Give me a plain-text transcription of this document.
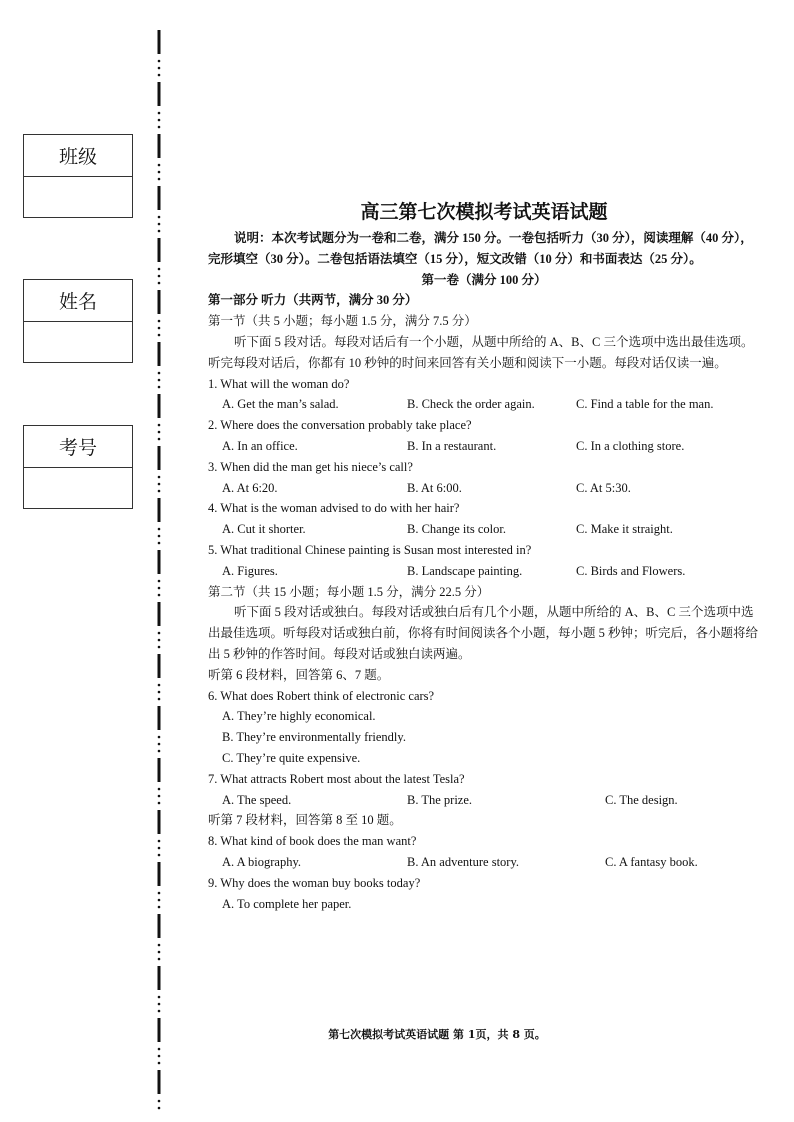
班级
姓名
考号
高三第七次模拟考试英语试题
说明：本次考试题分为一卷和二卷，满分 150 分。一卷包括听力（30 分），阅读理解（40 分），完形填空（30 分）。二卷包括语法填空（15 分），短文改错（10 分）和书面表达（25 分）。
第一卷（满分 100 分）
第一部分 听力（共两节，满分 30 分）
第一节（共 5 小题；每小题 1.5 分，满分 7.5 分）
听下面 5 段对话。每段对话后有一个小题，从题中所给的 A、B、C 三个选项中选出最佳选项。听完每段对话后，你都有 10 秒钟的时间来回答有关小题和阅读下一小题。每段对话仅读一遍。
1. What will the woman do?
A. Get the man’s salad.	B. Check the order again.	C. Find a table for the man.
2. Where does the conversation probably take place?
A. In an office.	B. In a restaurant.	C. In a clothing store.
3. When did the man get his niece’s call?
A. At 6:20.	B. At 6:00.	C. At 5:30.
4. What is the woman advised to do with her hair?
A. Cut it shorter.	B. Change its color.	C. Make it straight.
5. What traditional Chinese painting is Susan most interested in?
A. Figures.	B. Landscape painting.	C. Birds and Flowers.
第二节（共 15 小题；每小题 1.5 分，满分 22.5 分）
听下面 5 段对话或独白。每段对话或独白后有几个小题，从题中所给的 A、B、C 三个选项中选出最佳选项。听每段对话或独白前，你将有时间阅读各个小题，每小题 5 秒钟；听完后，各小题将给出 5 秒钟的作答时间。每段对话或独白读两遍。
听第 6 段材料，回答第 6、7 题。
6. What does Robert think of electronic cars?
A. They’re highly economical.
B. They’re environmentally friendly.
C. They’re quite expensive.
7. What attracts Robert most about the latest Tesla?
A. The speed.	B. The prize.	C. The design.
听第 7 段材料，回答第 8 至 10 题。
8. What kind of book does the man want?
A. A biography.	B. An adventure story.	C. A fantasy book.
9. Why does the woman buy books today?
A. To complete her paper.
第七次模拟考试英语试题 第 1页，共 8 页。
